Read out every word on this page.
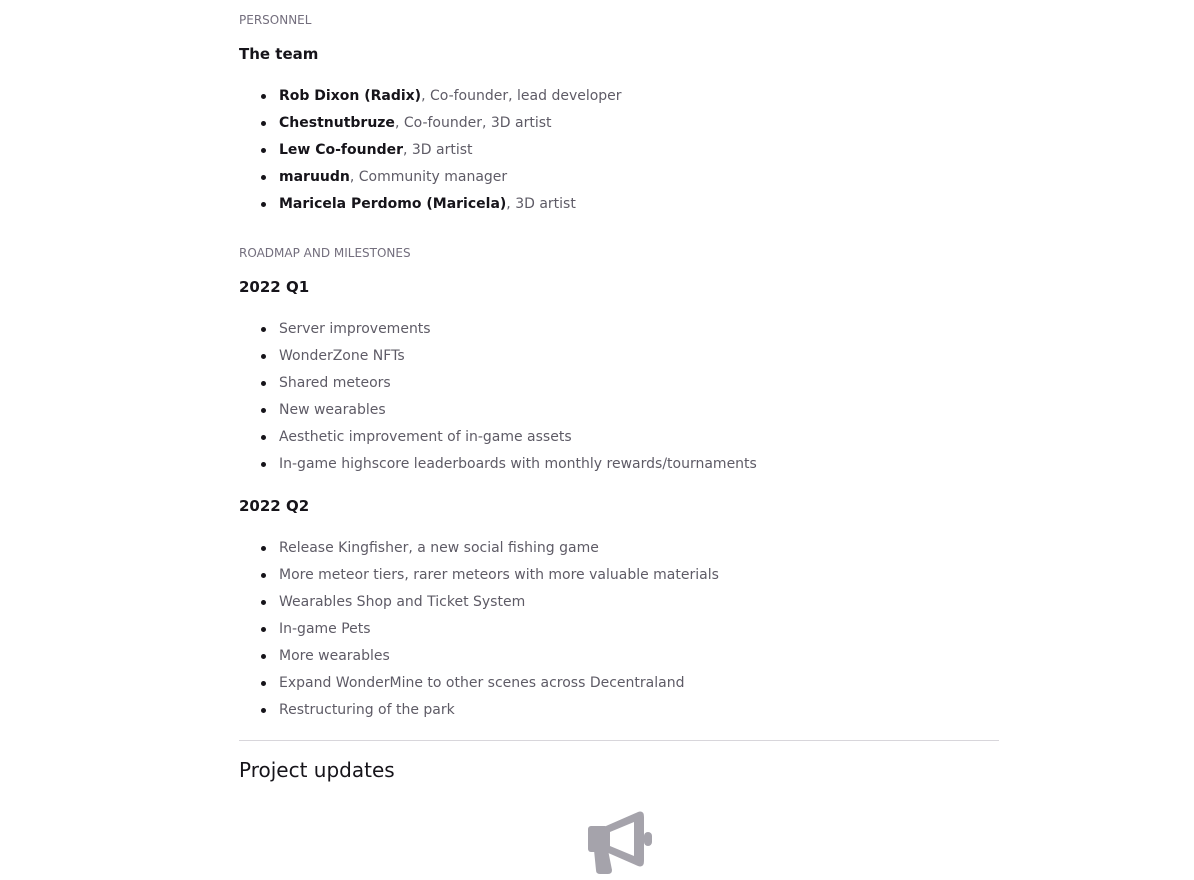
PERSONNEL
The team
Rob Dixon (Radix), Co-founder, lead developer
Chestnutbruze, Co-founder, 3D artist
Lew Co-founder, 3D artist
maruudn, Community manager
Maricela Perdomo (Maricela), 3D artist
ROADMAP AND MILESTONES
2022 Q1
Server improvements
WonderZone NFTs
Shared meteors
New wearables
Aesthetic improvement of in-game assets
In-game highscore leaderboards with monthly rewards/tournaments
2022 Q2
Release Kingfisher, a new social fishing game
More meteor tiers, rarer meteors with more valuable materials
Wearables Shop and Ticket System
In-game Pets
More wearables
Expand WonderMine to other scenes across Decentraland
Restructuring of the park
Project updates
